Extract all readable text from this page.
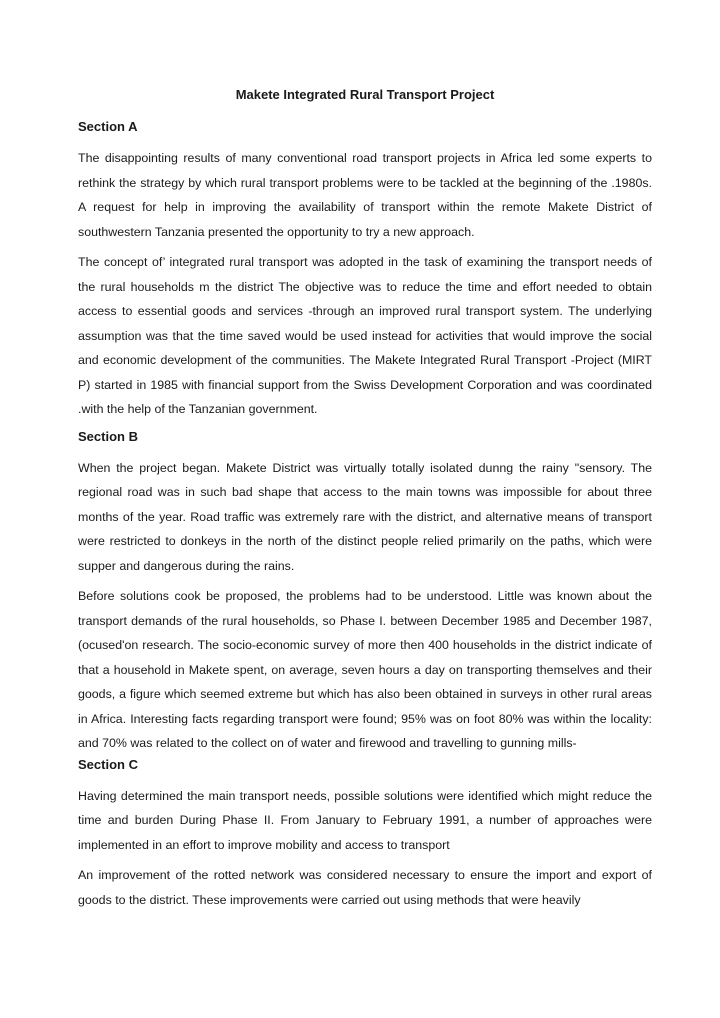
Makete Integrated Rural Transport Project
Section A

The disappointing results of many conventional road transport projects in Africa led some experts to rethink the strategy by which rural transport problems were to be tackled at the beginning of the .1980s. A request for help in improving the availability of transport within the remote Makete District of southwestern Tanzania presented the opportunity to try a new approach.

The concept of’ integrated rural transport was adopted in the task of examining the transport needs of the rural households m the district The objective was to reduce the time and effort needed to obtain access to essential goods and services -through an improved rural transport system. The underlying assumption was that the time saved would be used instead for activities that would improve the social and economic development of the communities. The Makete Integrated Rural Transport -Project (MIRT P) started in 1985 with financial support from the Swiss Development Corporation and was coordinated .with the help of the Tanzanian government.

Section B

When the project began. Makete District was virtually totally isolated dunng the rainy "sensory. The regional road was in such bad shape that access to the main towns was impossible for about three months of the year. Road traffic was extremely rare with the district, and alternative means of transport were restricted to donkeys in the north of the distinct people relied primarily on the paths, which were supper and dangerous during the rains.

Before solutions cook be proposed, the problems had to be understood. Little was known about the transport demands of the rural households, so Phase I. between December 1985 and December 1987, (ocused'on research. The socio-economic survey of more then 400 households in the district indicate of that a household in Makete spent, on average, seven hours a day on transporting themselves and their goods, a figure which seemed extreme but which has also been obtained in surveys in other rural areas in Africa. Interesting facts regarding transport were found; 95% was on foot 80% was within the locality: and 70% was related to the collect on of water and firewood and travelling to gunning mills-

Section C

Having determined the main transport needs, possible solutions were identified which might reduce the time and burden During Phase II. From January to February 1991, a number of approaches were implemented in an effort to improve mobility and access to transport

An improvement of the rotted network was considered necessary to ensure the import and export of goods to the district. These improvements were carried out using methods that were heavily
